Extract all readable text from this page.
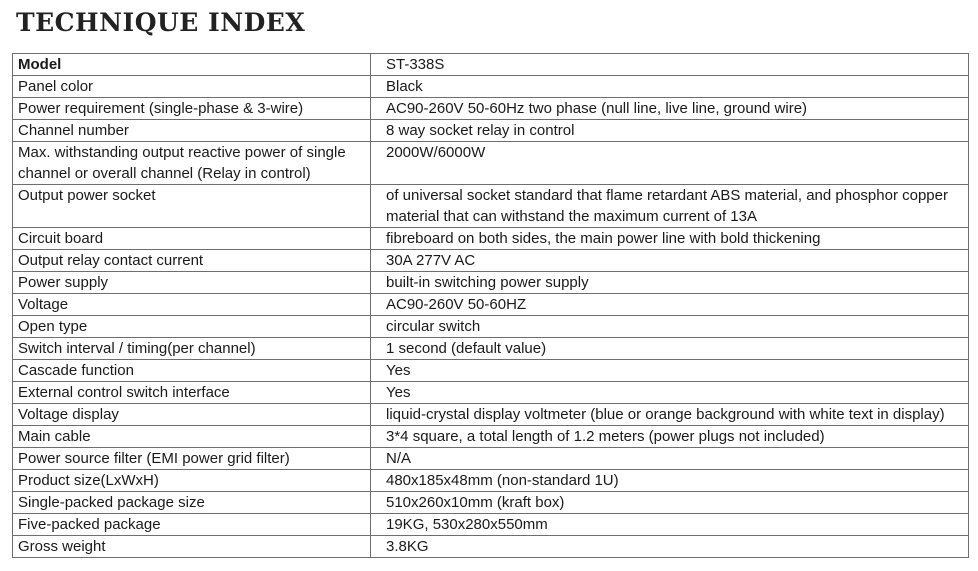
TECHNIQUE INDEX
Model	ST-338S
Panel color	Black
Power requirement (single-phase & 3-wire)	AC90-260V 50-60Hz two phase (null line, live line, ground wire)
Channel number	8 way socket relay in control
Max. withstanding output reactive power of single channel or overall channel (Relay in control)	2000W/6000W
Output power socket	of universal socket standard that flame retardant ABS material, and phosphor copper material that can withstand the maximum current of 13A
Circuit board	fibreboard on both sides, the main power line with bold thickening
Output relay contact current	30A 277V AC
Power supply	built-in switching power supply
Voltage	AC90-260V 50-60HZ
Open type	circular switch
Switch interval / timing(per channel)	1 second (default value)
Cascade function	Yes
External control switch interface	Yes
Voltage display	liquid-crystal display voltmeter (blue or orange background with white text in display)
Main cable	3*4 square, a total length of 1.2 meters (power plugs not included)
Power source filter (EMI power grid filter)	N/A
Product size(LxWxH)	480x185x48mm (non-standard 1U)
Single-packed package size	510x260x10mm (kraft box)
Five-packed package	19KG, 530x280x550mm
Gross weight	3.8KG
